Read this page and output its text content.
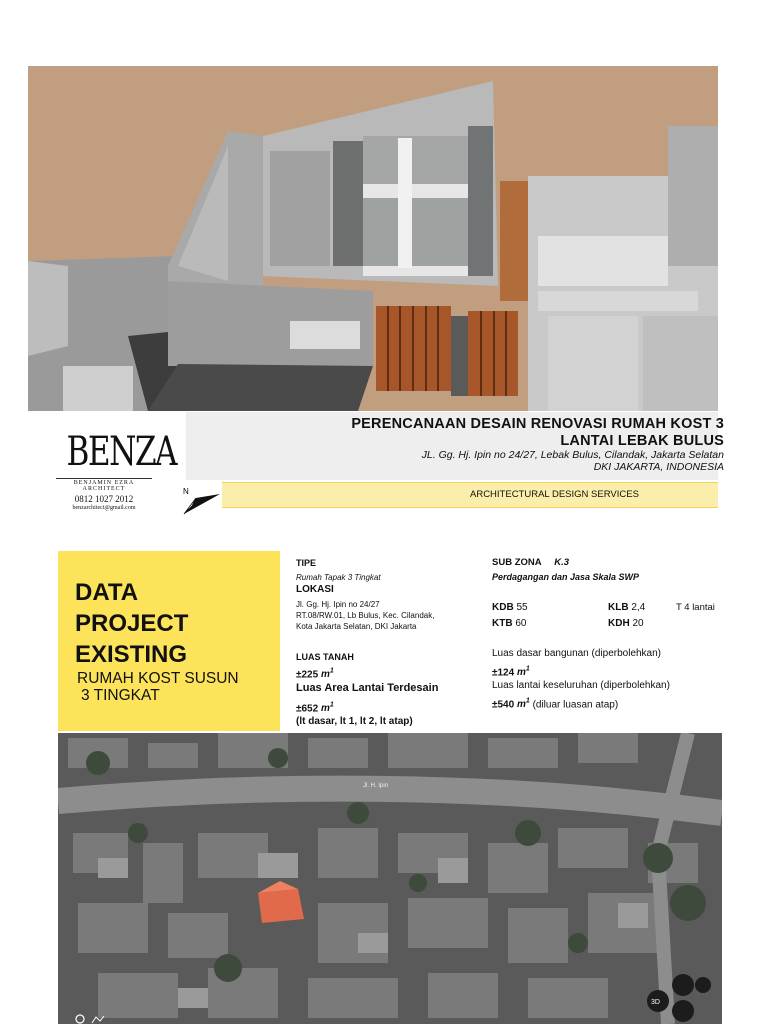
PERENCANAAN DESAIN RENOVASI RUMAH KOST 3
LANTAI LEBAK BULUS
JL. Gg. Hj. Ipin no 24/27, Lebak Bulus, Cilandak, Jakarta Selatan
DKI JAKARTA, INDONESIA
ARCHITECTURAL DESIGN SERVICES
BENZA
BENJAMIN EZRA ARCHITECT
0812 1027 2012
benzarchitect@gmail.com
N
DATA
PROJECT
EXISTING
RUMAH KOST SUSUN
3 TINGKAT
TIPE
Rumah Tapak 3 Tingkat
LOKASI
Jl. Gg. Hj. Ipin no 24/27
RT.08/RW.01, Lb Bulus, Kec. Cilandak,
Kota Jakarta Selatan, DKI Jakarta
LUAS TANAH
±225 $m^1$
Luas Area Lantai Terdesain
±652 $m^1$
(lt dasar, lt 1, lt 2, lt atap)
SUB ZONA K.3
Perdagangan dan Jasa Skala SWP
KDB 55
KTB 60
KLB 2,4
KDH 20
T 4 lantai
Luas dasar bangunan (diperbolehkan)
±124 $m^1$
Luas lantai keseluruhan (diperbolehkan)
±540 $m^1$ (diluar luasan atap)
Jl. H. Ipin
3D
